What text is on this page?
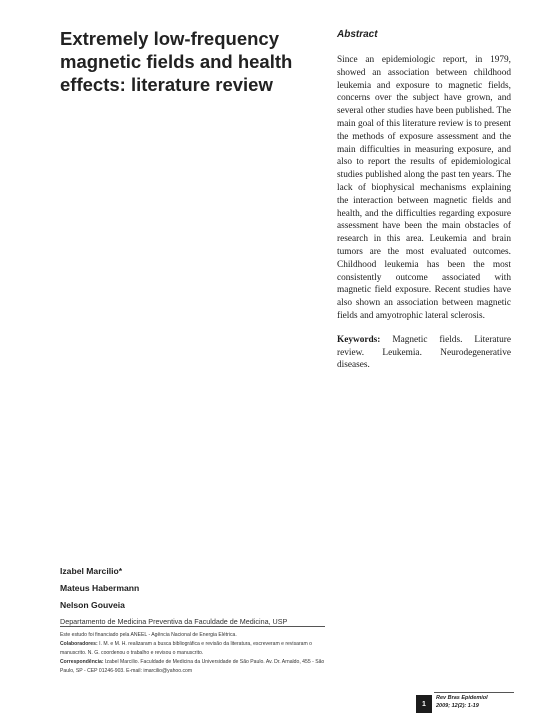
Extremely low-frequency magnetic fields and health effects: literature review
Abstract

Since an epidemiologic report, in 1979, showed an association between childhood leukemia and exposure to magnetic fields, concerns over the subject have grown, and several other studies have been published. The main goal of this literature review is to present the methods of exposure assessment and the main difficulties in measuring exposure, and also to report the results of epidemiological studies published along the past ten years. The lack of biophysical mechanisms explaining the interaction between magnetic fields and health, and the difficulties regarding exposure assessment have been the main obstacles of research in this area. Leukemia and brain tumors are the most evaluated outcomes. Childhood leukemia has been the most consistently outcome associated with magnetic field exposure. Recent studies have also shown an association between magnetic fields and amyotrophic lateral sclerosis.

Keywords: Magnetic fields. Literature review. Leukemia. Neurodegenerative diseases.

Izabel Marcilio*
Mateus Habermann
Nelson Gouveia
Departamento de Medicina Preventiva da Faculdade de Medicina, USP

Este estudo foi financiado pela ANEEL - Agência Nacional de Energia Elétrica.

Colaboradores: I. M. e M. H. realizaram a busca bibliográfica e revisão da literatura, escreveram e revisaram o manuscrito. N. G. coordenou o trabalho e revisou o manuscrito.

Correspondência: Izabel Marcilio. Faculdade de Medicina da Universidade de São Paulo. Av. Dr. Arnaldo, 455 - São Paulo, SP - CEP 01246-903. E-mail: imarcilio@yahoo.com

1
Rev Bras Epidemiol
2009; 12(2): 1-19
